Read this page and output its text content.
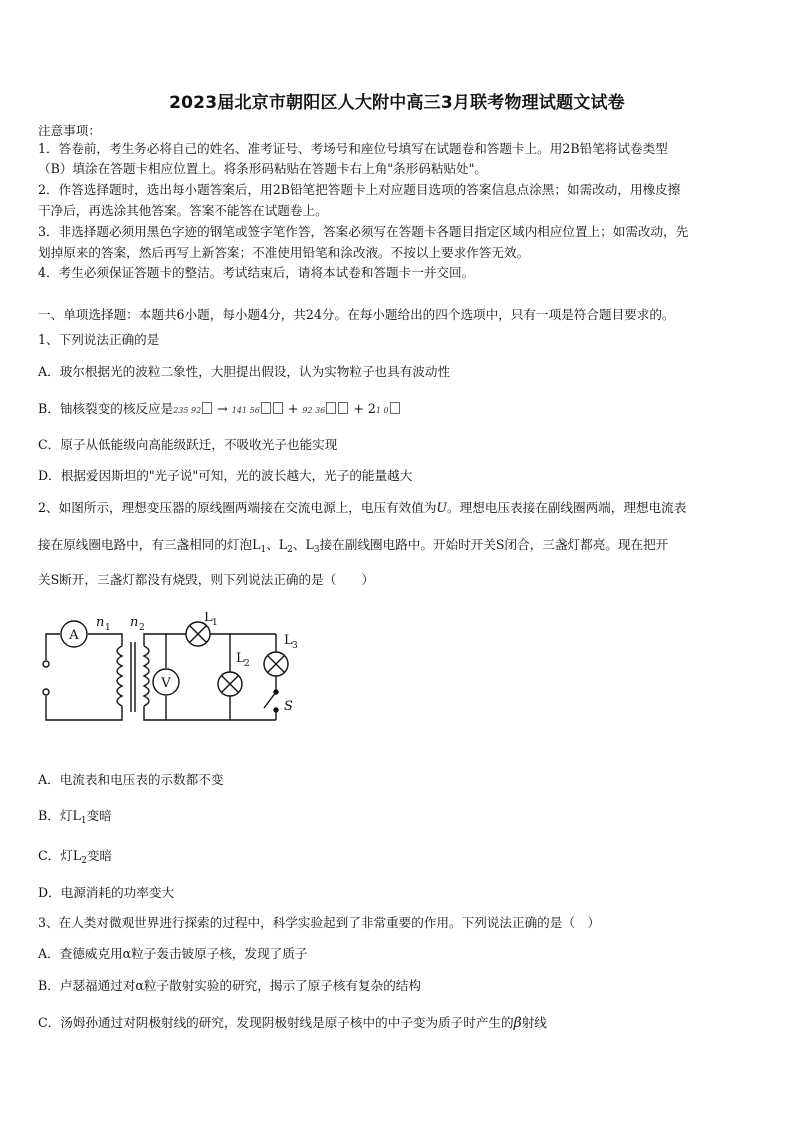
2023届北京市朝阳区人大附中高三3月联考物理试题文试卷
注意事项：
1．答卷前，考生务必将自己的姓名、准考证号、考场号和座位号填写在试题卷和答题卡上。用2B铅笔将试卷类型
（B）填涂在答题卡相应位置上。将条形码粘贴在答题卡右上角"条形码粘贴处"。
2．作答选择题时，选出每小题答案后，用2B铅笔把答题卡上对应题目选项的答案信息点涂黑；如需改动，用橡皮擦
干净后，再选涂其他答案。答案不能答在试题卷上。
3．非选择题必须用黑色字迹的钢笔或签字笔作答，答案必须写在答题卡各题目指定区域内相应位置上；如需改动，先
划掉原来的答案，然后再写上新答案；不准使用铅笔和涂改液。不按以上要求作答无效。
4．考生必须保证答题卡的整洁。考试结束后，请将本试卷和答题卡一并交回。
一、单项选择题：本题共6小题，每小题4分，共24分。在每小题给出的四个选项中，只有一项是符合题目要求的。
1、下列说法正确的是
A．玻尔根据光的波粒二象性，大胆提出假设，认为实物粒子也具有波动性
B．铀核裂变的核反应是235 92 → 141 56 + 92 36 + 21 0
C．原子从低能级向高能级跃迁，不吸收光子也能实现
D．根据爱因斯坦的"光子说"可知，光的波长越大，光子的能量越大
2、如图所示，理想变压器的原线圈两端接在交流电源上，电压有效值为U。理想电压表接在副线圈两端，理想电流表
接在原线圈电路中，有三盏相同的灯泡$L_1$、$L_2$、$L_3$接在副线圈电路中。开始时开关S闭合，三盏灯都亮。现在把开
关S断开，三盏灯都没有烧毁，则下列说法正确的是（　　）
A
n 1 n 2
V
L 1
L 2
L 3
S
A．电流表和电压表的示数都不变
B．灯$L_1$变暗
C．灯$L_2$变暗
D．电源消耗的功率变大
3、在人类对微观世界进行探索的过程中，科学实验起到了非常重要的作用。下列说法正确的是（　）
A．查德威克用α粒子轰击铍原子核，发现了质子
B．卢瑟福通过对α粒子散射实验的研究，揭示了原子核有复杂的结构
C．汤姆孙通过对阴极射线的研究，发现阴极射线是原子核中的中子变为质子时产生的β射线
